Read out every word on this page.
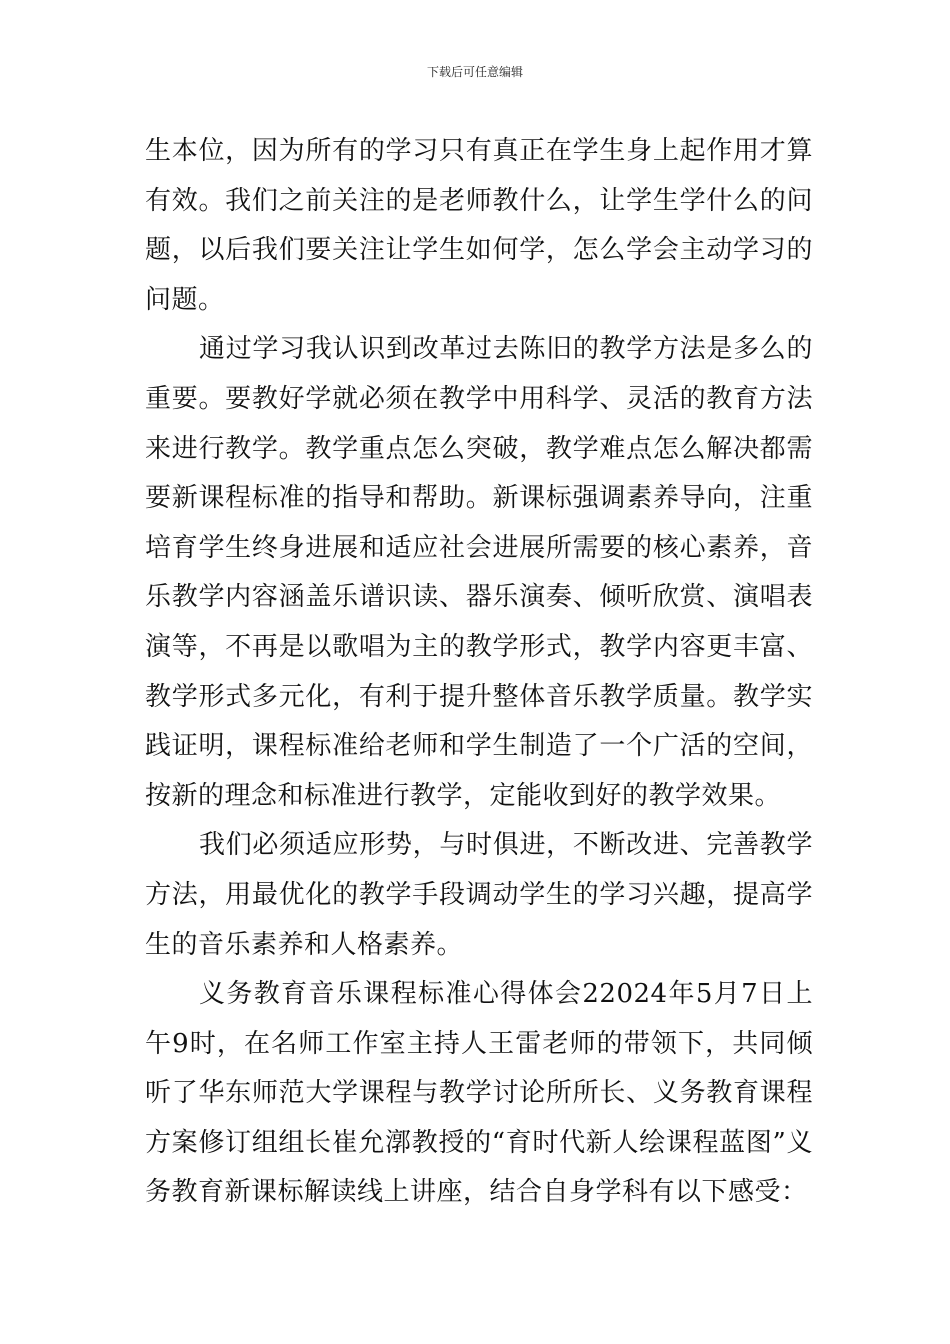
下载后可任意编辑

生本位，因为所有的学习只有真正在学生身上起作用才算有效。我们之前关注的是老师教什么，让学生学什么的问题，以后我们要关注让学生如何学，怎么学会主动学习的问题。

通过学习我认识到改革过去陈旧的教学方法是多么的重要。要教好学就必须在教学中用科学、灵活的教育方法来进行教学。教学重点怎么突破，教学难点怎么解决都需要新课程标准的指导和帮助。新课标强调素养导向，注重培育学生终身进展和适应社会进展所需要的核心素养，音乐教学内容涵盖乐谱识读、器乐演奏、倾听欣赏、演唱表演等，不再是以歌唱为主的教学形式，教学内容更丰富、教学形式多元化，有利于提升整体音乐教学质量。教学实践证明，课程标准给老师和学生制造了一个广活的空间，按新的理念和标准进行教学，定能收到好的教学效果。

我们必须适应形势，与时俱进，不断改进、完善教学方法，用最优化的教学手段调动学生的学习兴趣，提高学生的音乐素养和人格素养。

义务教育音乐课程标准心得体会22024年5月7日上午9时，在名师工作室主持人王雷老师的带领下，共同倾听了华东师范大学课程与教学讨论所所长、义务教育课程方案修订组组长崔允漷教授的“育时代新人绘课程蓝图”义务教育新课标解读线上讲座，结合自身学科有以下感受：
